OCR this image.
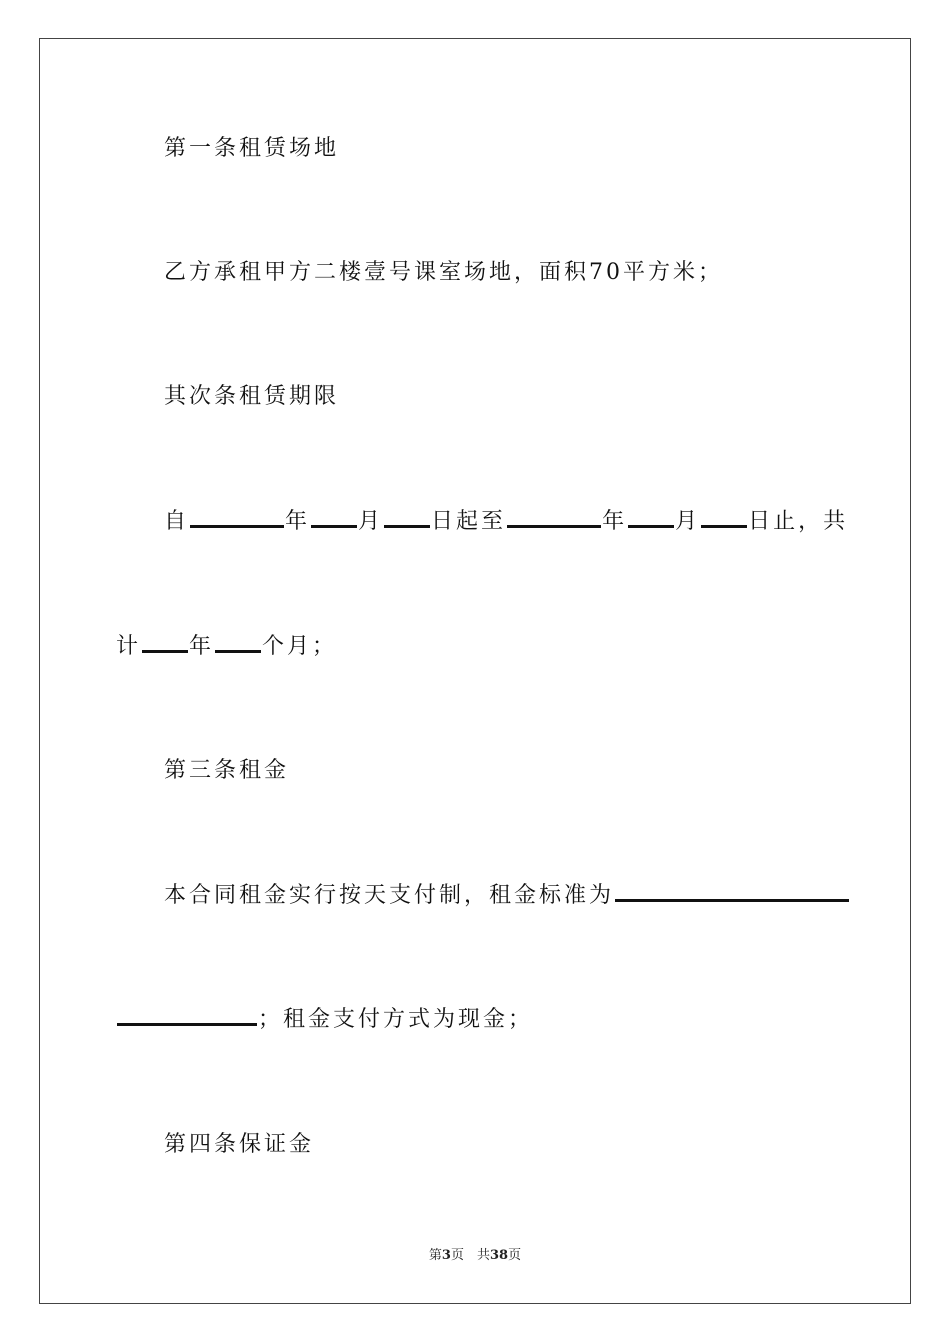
第一条租赁场地
乙方承租甲方二楼壹号课室场地，面积70平方米；
其次条租赁期限
自	年 月 日起至	年 月 日止，共
计 年 个月；
第三条租金
本合同租金实行按天支付制，租金标准为
；租金支付方式为现金；
第四条保证金
第3页　共38页
